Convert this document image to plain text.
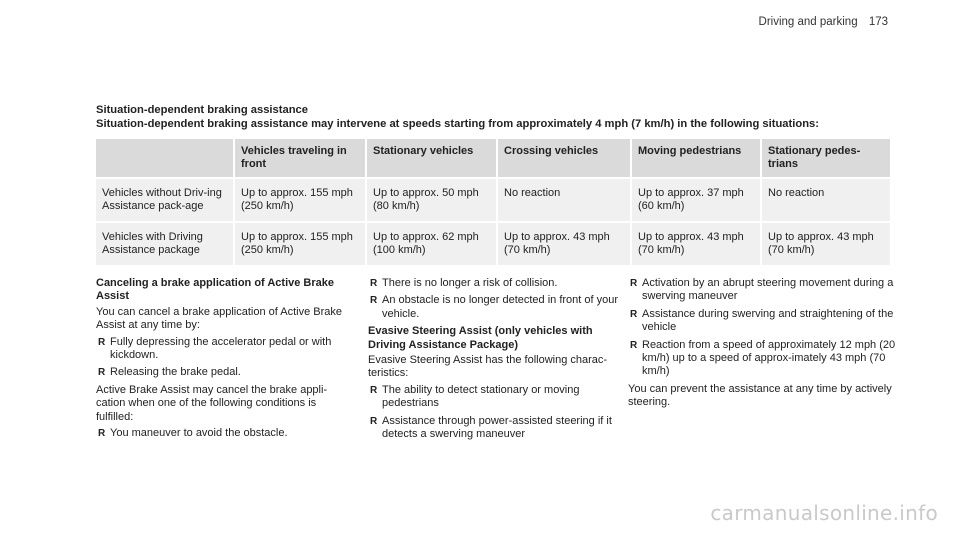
Driving and parking 173
Situation-dependent braking assistance
Situation-dependent braking assistance may intervene at speeds starting from approximately 4 mph (7 km/h) in the following situations:
	Vehicles traveling in front	Stationary vehicles	Crossing vehicles	Moving pedestrians	Stationary pedes-trians
Vehicles without Driv-ing Assistance pack-age	Up to approx. 155 mph (250 km/h)	Up to approx. 50 mph (80 km/h)	No reaction	Up to approx. 37 mph (60 km/h)	No reaction
Vehicles with Driving Assistance package	Up to approx. 155 mph (250 km/h)	Up to approx. 62 mph (100 km/h)	Up to approx. 43 mph (70 km/h)	Up to approx. 43 mph (70 km/h)	Up to approx. 43 mph (70 km/h)
Canceling a brake application of Active Brake Assist

You can cancel a brake application of Active Brake Assist at any time by:

R Fully depressing the accelerator pedal or with kickdown.
R Releasing the brake pedal.

Active Brake Assist may cancel the brake appli-cation when one of the following conditions is fulfilled:

R You maneuver to avoid the obstacle.
R There is no longer a risk of collision.
R An obstacle is no longer detected in front of your vehicle.
Evasive Steering Assist (only vehicles with Driving Assistance Package)

Evasive Steering Assist has the following charac-teristics:

R The ability to detect stationary or moving pedestrians
R Assistance through power-assisted steering if it detects a swerving maneuver
R Activation by an abrupt steering movement during a swerving maneuver
R Assistance during swerving and straightening of the vehicle
R Reaction from a speed of approximately 12 mph (20 km/h) up to a speed of approx-imately 43 mph (70 km/h)

You can prevent the assistance at any time by actively steering.

carmanualsonline.info
